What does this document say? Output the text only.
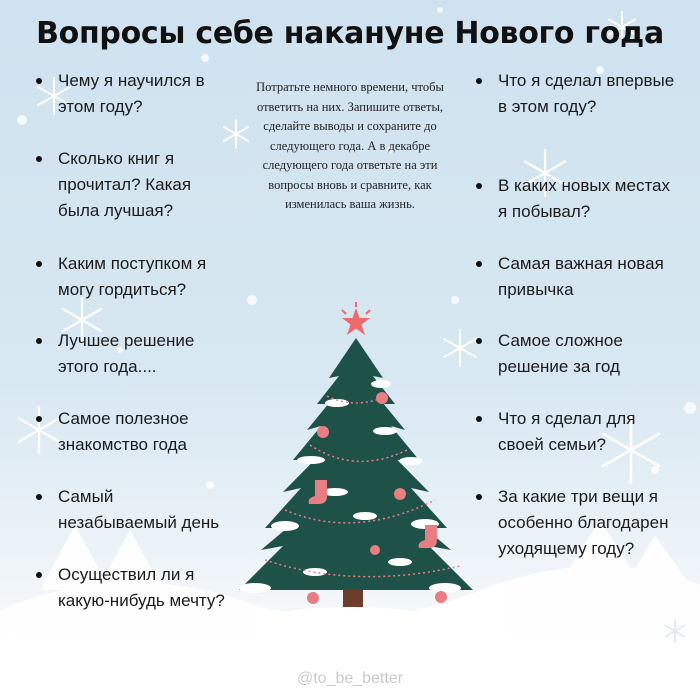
Вопросы себе накануне Нового года
Чему я научился в этом году?
Сколько книг я прочитал? Какая была лучшая?
Каким поступком я могу гордиться?
Лучшее решение этого года....
Самое полезное знакомство года
Самый незабываемый день
Осуществил ли я какую-нибудь мечту?
Потратьте немного времени, чтобы ответить на них. Запишите ответы, сделайте выводы и сохраните до следующего года. А в декабре следующего года ответьте на эти вопросы вновь и сравните, как изменилась ваша жизнь.
Что я сделал впервые в этом году?
В каких новых местах я побывал?
Самая важная новая привычка
Самое сложное решение за год
Что я сделал для своей семьи?
За какие три вещи я особенно благодарен уходящему году?
@to_be_better
